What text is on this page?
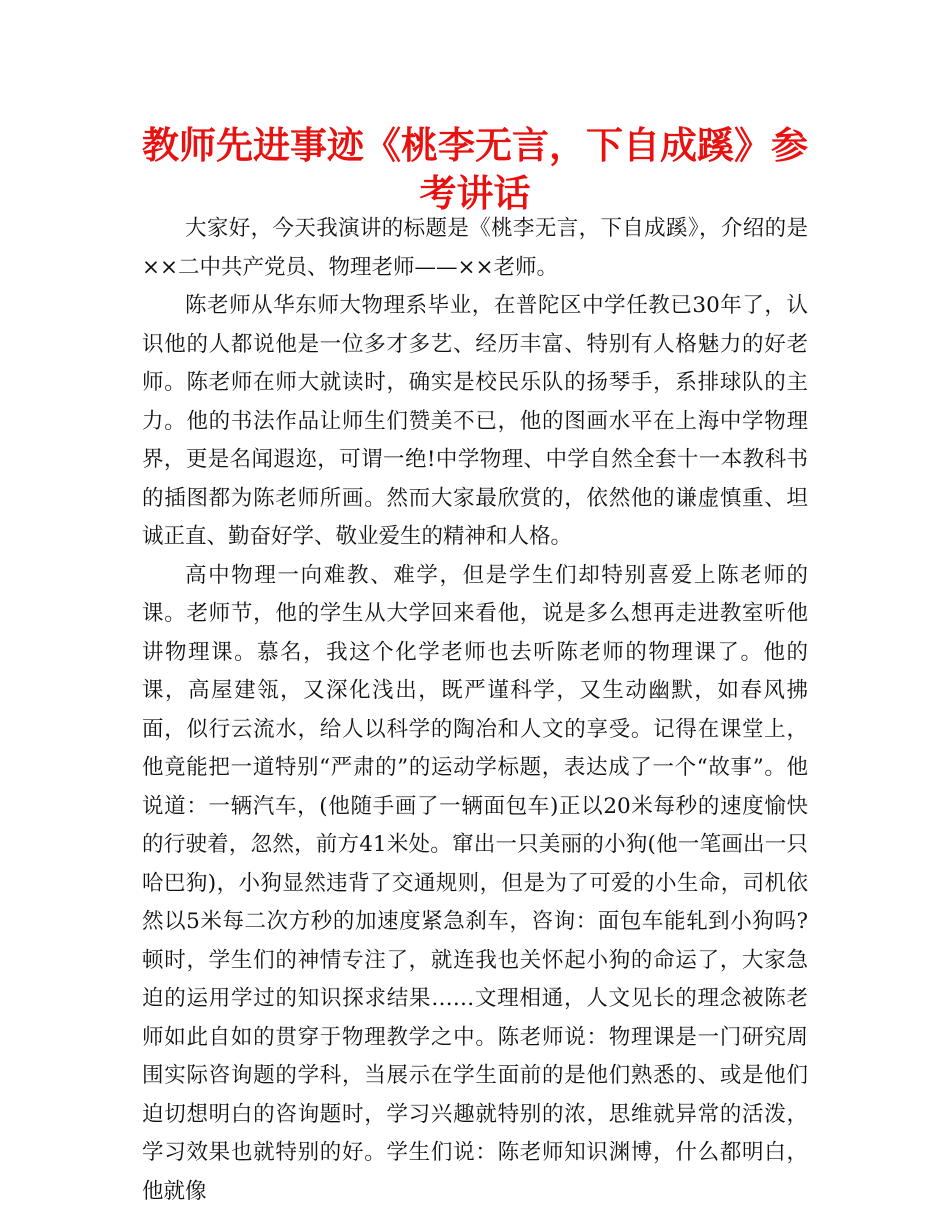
教师先进事迹《桃李无言，下自成蹊》参考讲话

大家好，今天我演讲的标题是《桃李无言，下自成蹊》，介绍的是××二中共产党员、物理老师——××老师。

陈老师从华东师大物理系毕业，在普陀区中学任教已30年了，认识他的人都说他是一位多才多艺、经历丰富、特别有人格魅力的好老师。陈老师在师大就读时，确实是校民乐队的扬琴手，系排球队的主力。他的书法作品让师生们赞美不已，他的图画水平在上海中学物理界，更是名闻遐迩，可谓一绝!中学物理、中学自然全套十一本教科书的插图都为陈老师所画。然而大家最欣赏的，依然他的谦虚慎重、坦诚正直、勤奋好学、敬业爱生的精神和人格。

高中物理一向难教、难学，但是学生们却特别喜爱上陈老师的课。老师节，他的学生从大学回来看他，说是多么想再走进教室听他讲物理课。慕名，我这个化学老师也去听陈老师的物理课了。他的课，高屋建瓴，又深化浅出，既严谨科学，又生动幽默，如春风拂面，似行云流水，给人以科学的陶冶和人文的享受。记得在课堂上，他竟能把一道特别“严肃的”的运动学标题，表达成了一个“故事”。他说道：一辆汽车，(他随手画了一辆面包车)正以20米每秒的速度愉快的行驶着，忽然，前方41米处。窜出一只美丽的小狗(他一笔画出一只哈巴狗)，小狗显然违背了交通规则，但是为了可爱的小生命，司机依然以5米每二次方秒的加速度紧急刹车，咨询：面包车能轧到小狗吗?顿时，学生们的神情专注了，就连我也关怀起小狗的命运了，大家急迫的运用学过的知识探求结果……文理相通，人文见长的理念被陈老师如此自如的贯穿于物理教学之中。陈老师说：物理课是一门研究周围实际咨询题的学科，当展示在学生面前的是他们熟悉的、或是他们迫切想明白的咨询题时，学习兴趣就特别的浓，思维就异常的活泼，学习效果也就特别的好。学生们说：陈老师知识渊博，什么都明白，他就像
